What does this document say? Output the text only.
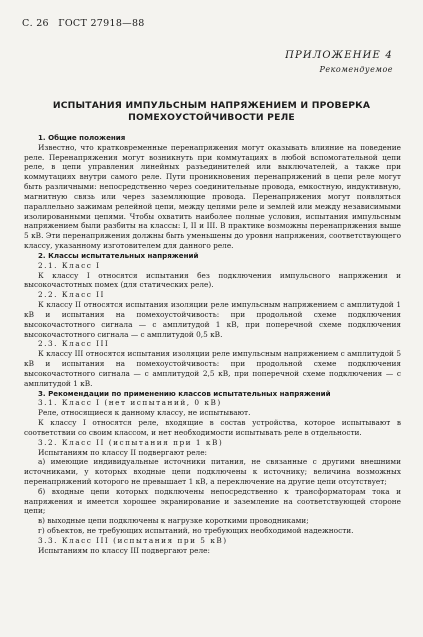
С. 26 ГОСТ 27918—88
ПРИЛОЖЕНИЕ 4
Рекомендуемое
ИСПЫТАНИЯ ИМПУЛЬСНЫМ НАПРЯЖЕНИЕМ И ПРОВЕРКА
ПОМЕХОУСТОЙЧИВОСТИ РЕЛЕ

1. Общие положения

Известно, что кратковременные перенапряжения могут оказывать влияние на поведение реле. Перенапряжения могут возникнуть при коммутациях в любой вспомогательной цепи реле, в цепи управления линейных разъединителей или выключателей, а также при коммутациях внутри самого реле. Пути проникновения перенапряжений в цепи реле могут быть различными: непосредственно через соединительные провода, емкостную, индуктивную, магнитную связь или через заземляющие провода. Перенапряжения могут появляться параллельно зажимам релейной цепи, между цепями реле и землей или между независимыми изолированными цепями. Чтобы охватить наиболее полные условия, испытания импульсным напряжением были разбиты на классы: I, II и III. В практике возможны перенапряжения выше 5 кВ. Эти перенапряжения должны быть уменьшены до уровня напряжения, соответствующего классу, указанному изготовителем для данного реле.

2. Классы испытательных напряжений

2.1. Класс I

К классу I относятся испытания без подключения импульсного напряжения и высокочастотных помех (для статических реле).

2.2. Класс II

К классу II относятся испытания изоляции реле импульсным напряжением с амплитудой 1 кВ и испытания на помехоустойчивость: при продольной схеме подключения высокочастотного сигнала — с амплитудой 1 кВ, при поперечной схеме подключения высокочастотного сигнала — с амплитудой 0,5 кВ.

2.3. Класс III

К классу III относятся испытания изоляции реле импульсным напряжением с амплитудой 5 кВ и испытания на помехоустойчивость: при продольной схеме подключения высокочастотного сигнала — с амплитудой 2,5 кВ, при поперечной схеме подключения — с амплитудой 1 кВ.

3. Рекомендации по применению классов испытательных напряжений

3.1. Класс I (нет испытаний, 0 кВ)

Реле, относящиеся к данному классу, не испытывают.

К классу I относятся реле, входящие в состав устройства, которое испытывают в соответствии со своим классом, и нет необходимости испытывать реле в отдельности.

3.2. Класс II (испытания при 1 кВ)

Испытаниям по классу II подвергают реле:

а) имеющие индивидуальные источники питания, не связанные с другими внешними источниками, у которых входные цепи подключены к источнику; величина возможных перенапряжений которого не превышает 1 кВ, а переключение на другие цепи отсутствует;

б) входные цепи которых подключены непосредственно к трансформаторам тока и напряжения и имеется хорошее экранирование и заземление на соответствующей стороне цепи;

в) выходные цепи подключены к нагрузке короткими проводниками;

г) объектов, не требующих испытаний, но требующих необходимой надежности.

3.3. Класс III (испытания при 5 кВ)

Испытаниям по классу III подвергают реле:
